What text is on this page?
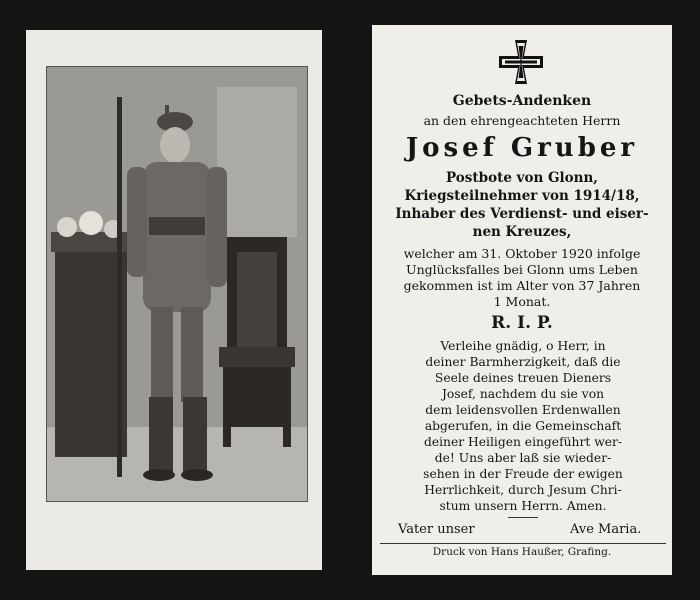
Gebets-Andenken
an den ehrengeachteten Herrn
Josef Gruber
Postbote von Glonn,
Kriegsteilnehmer von 1914/18,
Inhaber des Verdienst- und eiser-
nen Kreuzes,
welcher am 31. Oktober 1920 infolge
Unglücksfalles bei Glonn ums Leben
gekommen ist im Alter von 37 Jahren
1 Monat.
R. I. P.
Verleihe gnädig, o Herr, in
deiner Barmherzigkeit, daß die
Seele deines treuen Dieners
Josef, nachdem du sie von
dem leidensvollen Erdenwallen
abgerufen, in die Gemeinschaft
deiner Heiligen eingeführt wer-
de! Uns aber laß sie wieder-
sehen in der Freude der ewigen
Herrlichkeit, durch Jesum Chri-
stum unsern Herrn. Amen.
Vater unser	Ave Maria.
Druck von Hans Haußer, Grafing.
